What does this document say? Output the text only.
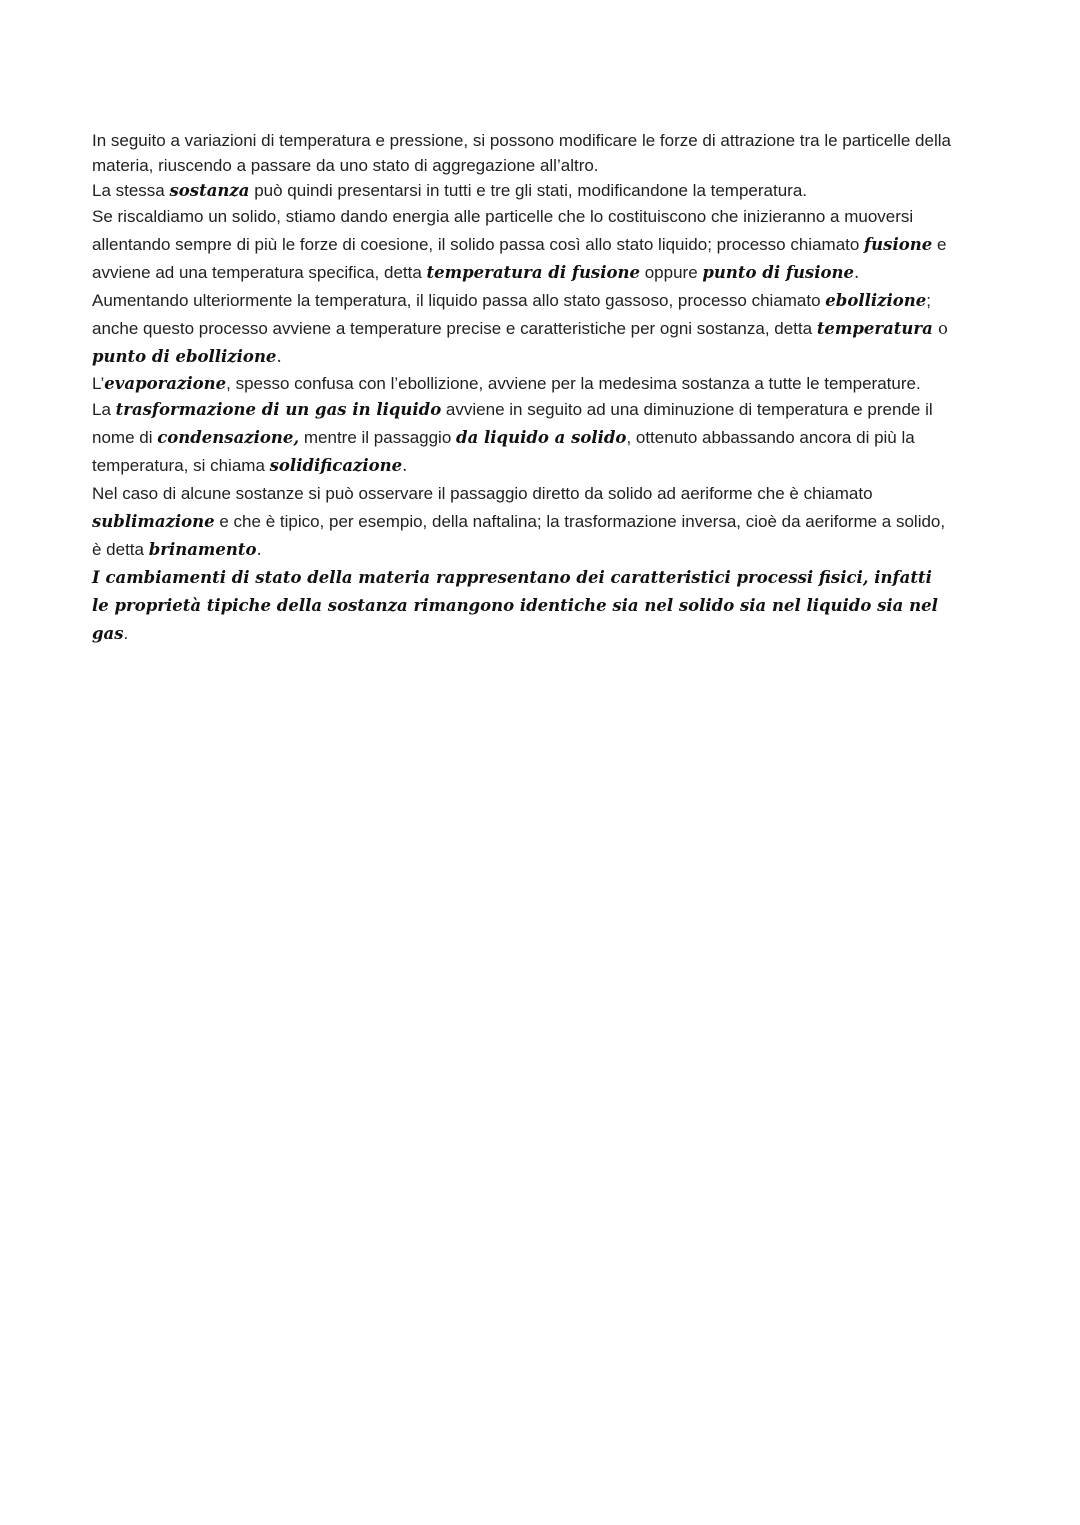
In seguito a variazioni di temperatura e pressione, si possono modificare le forze di attrazione tra le particelle della materia, riuscendo a passare da uno stato di aggregazione all’altro.

La stessa sostanza può quindi presentarsi in tutti e tre gli stati, modificandone la temperatura.

Se riscaldiamo un solido, stiamo dando energia alle particelle che lo costituiscono che inizieranno a muoversi allentando sempre di più le forze di coesione, il solido passa così allo stato liquido; processo chiamato fusione e avviene ad una temperatura specifica, detta temperatura di fusione oppure punto di fusione.

Aumentando ulteriormente la temperatura, il liquido passa allo stato gassoso, processo chiamato ebollizione; anche questo processo avviene a temperature precise e caratteristiche per ogni sostanza, detta temperatura o punto di ebollizione.

L’evaporazione, spesso confusa con l’ebollizione, avviene per la medesima sostanza a tutte le temperature.

La trasformazione di un gas in liquido avviene in seguito ad una diminuzione di temperatura e prende il nome di condensazione, mentre il passaggio da liquido a solido, ottenuto abbassando ancora di più la temperatura, si chiama solidificazione.

Nel caso di alcune sostanze si può osservare il passaggio diretto da solido ad aeriforme che è chiamato sublimazione e che è tipico, per esempio, della naftalina; la trasformazione inversa, cioè da aeriforme a solido, è detta brinamento.

I cambiamenti di stato della materia rappresentano dei caratteristici processi fisici, infatti le proprietà tipiche della sostanza rimangono identiche sia nel solido sia nel liquido sia nel gas.
